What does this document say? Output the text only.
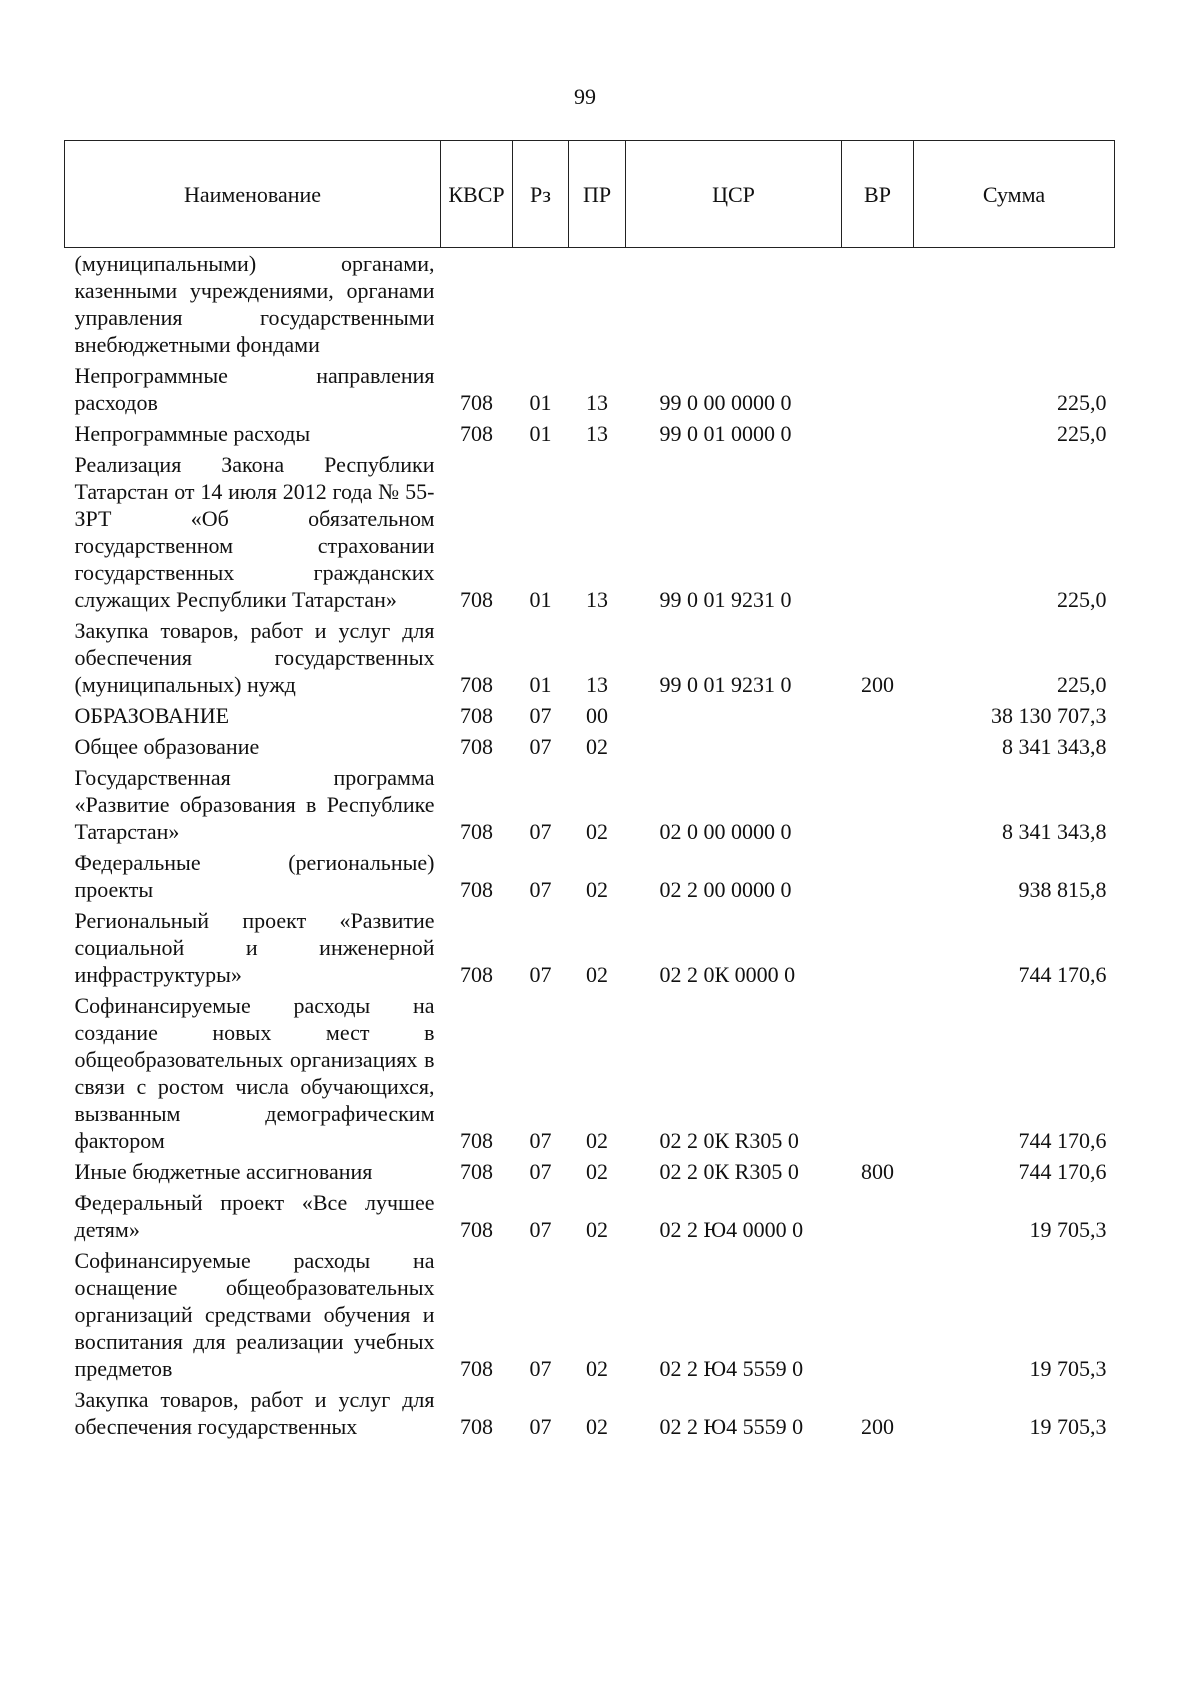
99
Наименование	КВСР	Рз	ПР	ЦСР	ВР	Сумма
(муниципальными) органами, казенными учреждениями, органами управления государственными внебюджетными фондами						
Непрограммные направления расходов	708	01	13	99 0 00 0000 0		225,0
Непрограммные расходы	708	01	13	99 0 01 0000 0		225,0
Реализация Закона Республики Татарстан от 14 июля 2012 года № 55-ЗРТ «Об обязательном государственном страховании государственных гражданских служащих Республики Татарстан»	708	01	13	99 0 01 9231 0		225,0
Закупка товаров, работ и услуг для обеспечения государственных (муниципальных) нужд	708	01	13	99 0 01 9231 0	200	225,0
ОБРАЗОВАНИЕ	708	07	00			38 130 707,3
Общее образование	708	07	02			8 341 343,8
Государственная программа «Развитие образования в Республике Татарстан»	708	07	02	02 0 00 0000 0		8 341 343,8
Федеральные (региональные) проекты	708	07	02	02 2 00 0000 0		938 815,8
Региональный проект «Развитие социальной и инженерной инфраструктуры»	708	07	02	02 2 0К 0000 0		744 170,6
Софинансируемые расходы на создание новых мест в общеобразовательных организациях в связи с ростом числа обучающихся, вызванным демографическим фактором	708	07	02	02 2 0К R305 0		744 170,6
Иные бюджетные ассигнования	708	07	02	02 2 0К R305 0	800	744 170,6
Федеральный проект «Все лучшее детям»	708	07	02	02 2 Ю4 0000 0		19 705,3
Софинансируемые расходы на оснащение общеобразовательных организаций средствами обучения и воспитания для реализации учебных предметов	708	07	02	02 2 Ю4 5559 0		19 705,3
Закупка товаров, работ и услуг для обеспечения государственных	708	07	02	02 2 Ю4 5559 0	200	19 705,3
